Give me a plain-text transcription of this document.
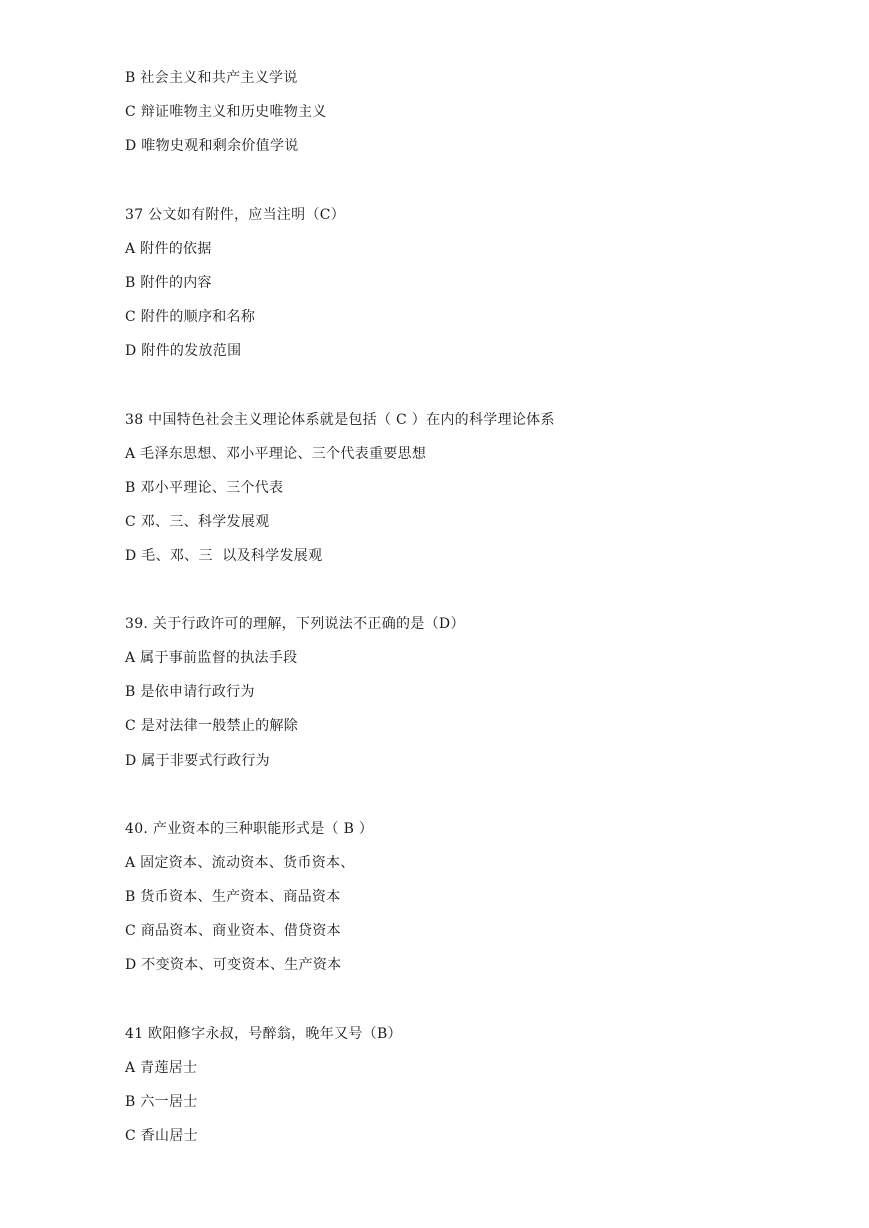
B 社会主义和共产主义学说
C 辩证唯物主义和历史唯物主义
D 唯物史观和剩余价值学说
37 公文如有附件，应当注明（C）
A 附件的依据
B 附件的内容
C 附件的顺序和名称
D 附件的发放范围
38 中国特色社会主义理论体系就是包括（ C ）在内的科学理论体系
A 毛泽东思想、邓小平理论、三个代表重要思想
B 邓小平理论、三个代表
C 邓、三、科学发展观
D 毛、邓、三  以及科学发展观
39. 关于行政许可的理解，下列说法不正确的是（D）
A 属于事前监督的执法手段
B 是依申请行政行为
C 是对法律一般禁止的解除
D 属于非要式行政行为
40. 产业资本的三种职能形式是（ B ）
A 固定资本、流动资本、货币资本、
B 货币资本、生产资本、商品资本
C 商品资本、商业资本、借贷资本
D 不变资本、可变资本、生产资本
41 欧阳修字永叔，号醉翁，晚年又号（B）
A 青莲居士
B 六一居士
C 香山居士
